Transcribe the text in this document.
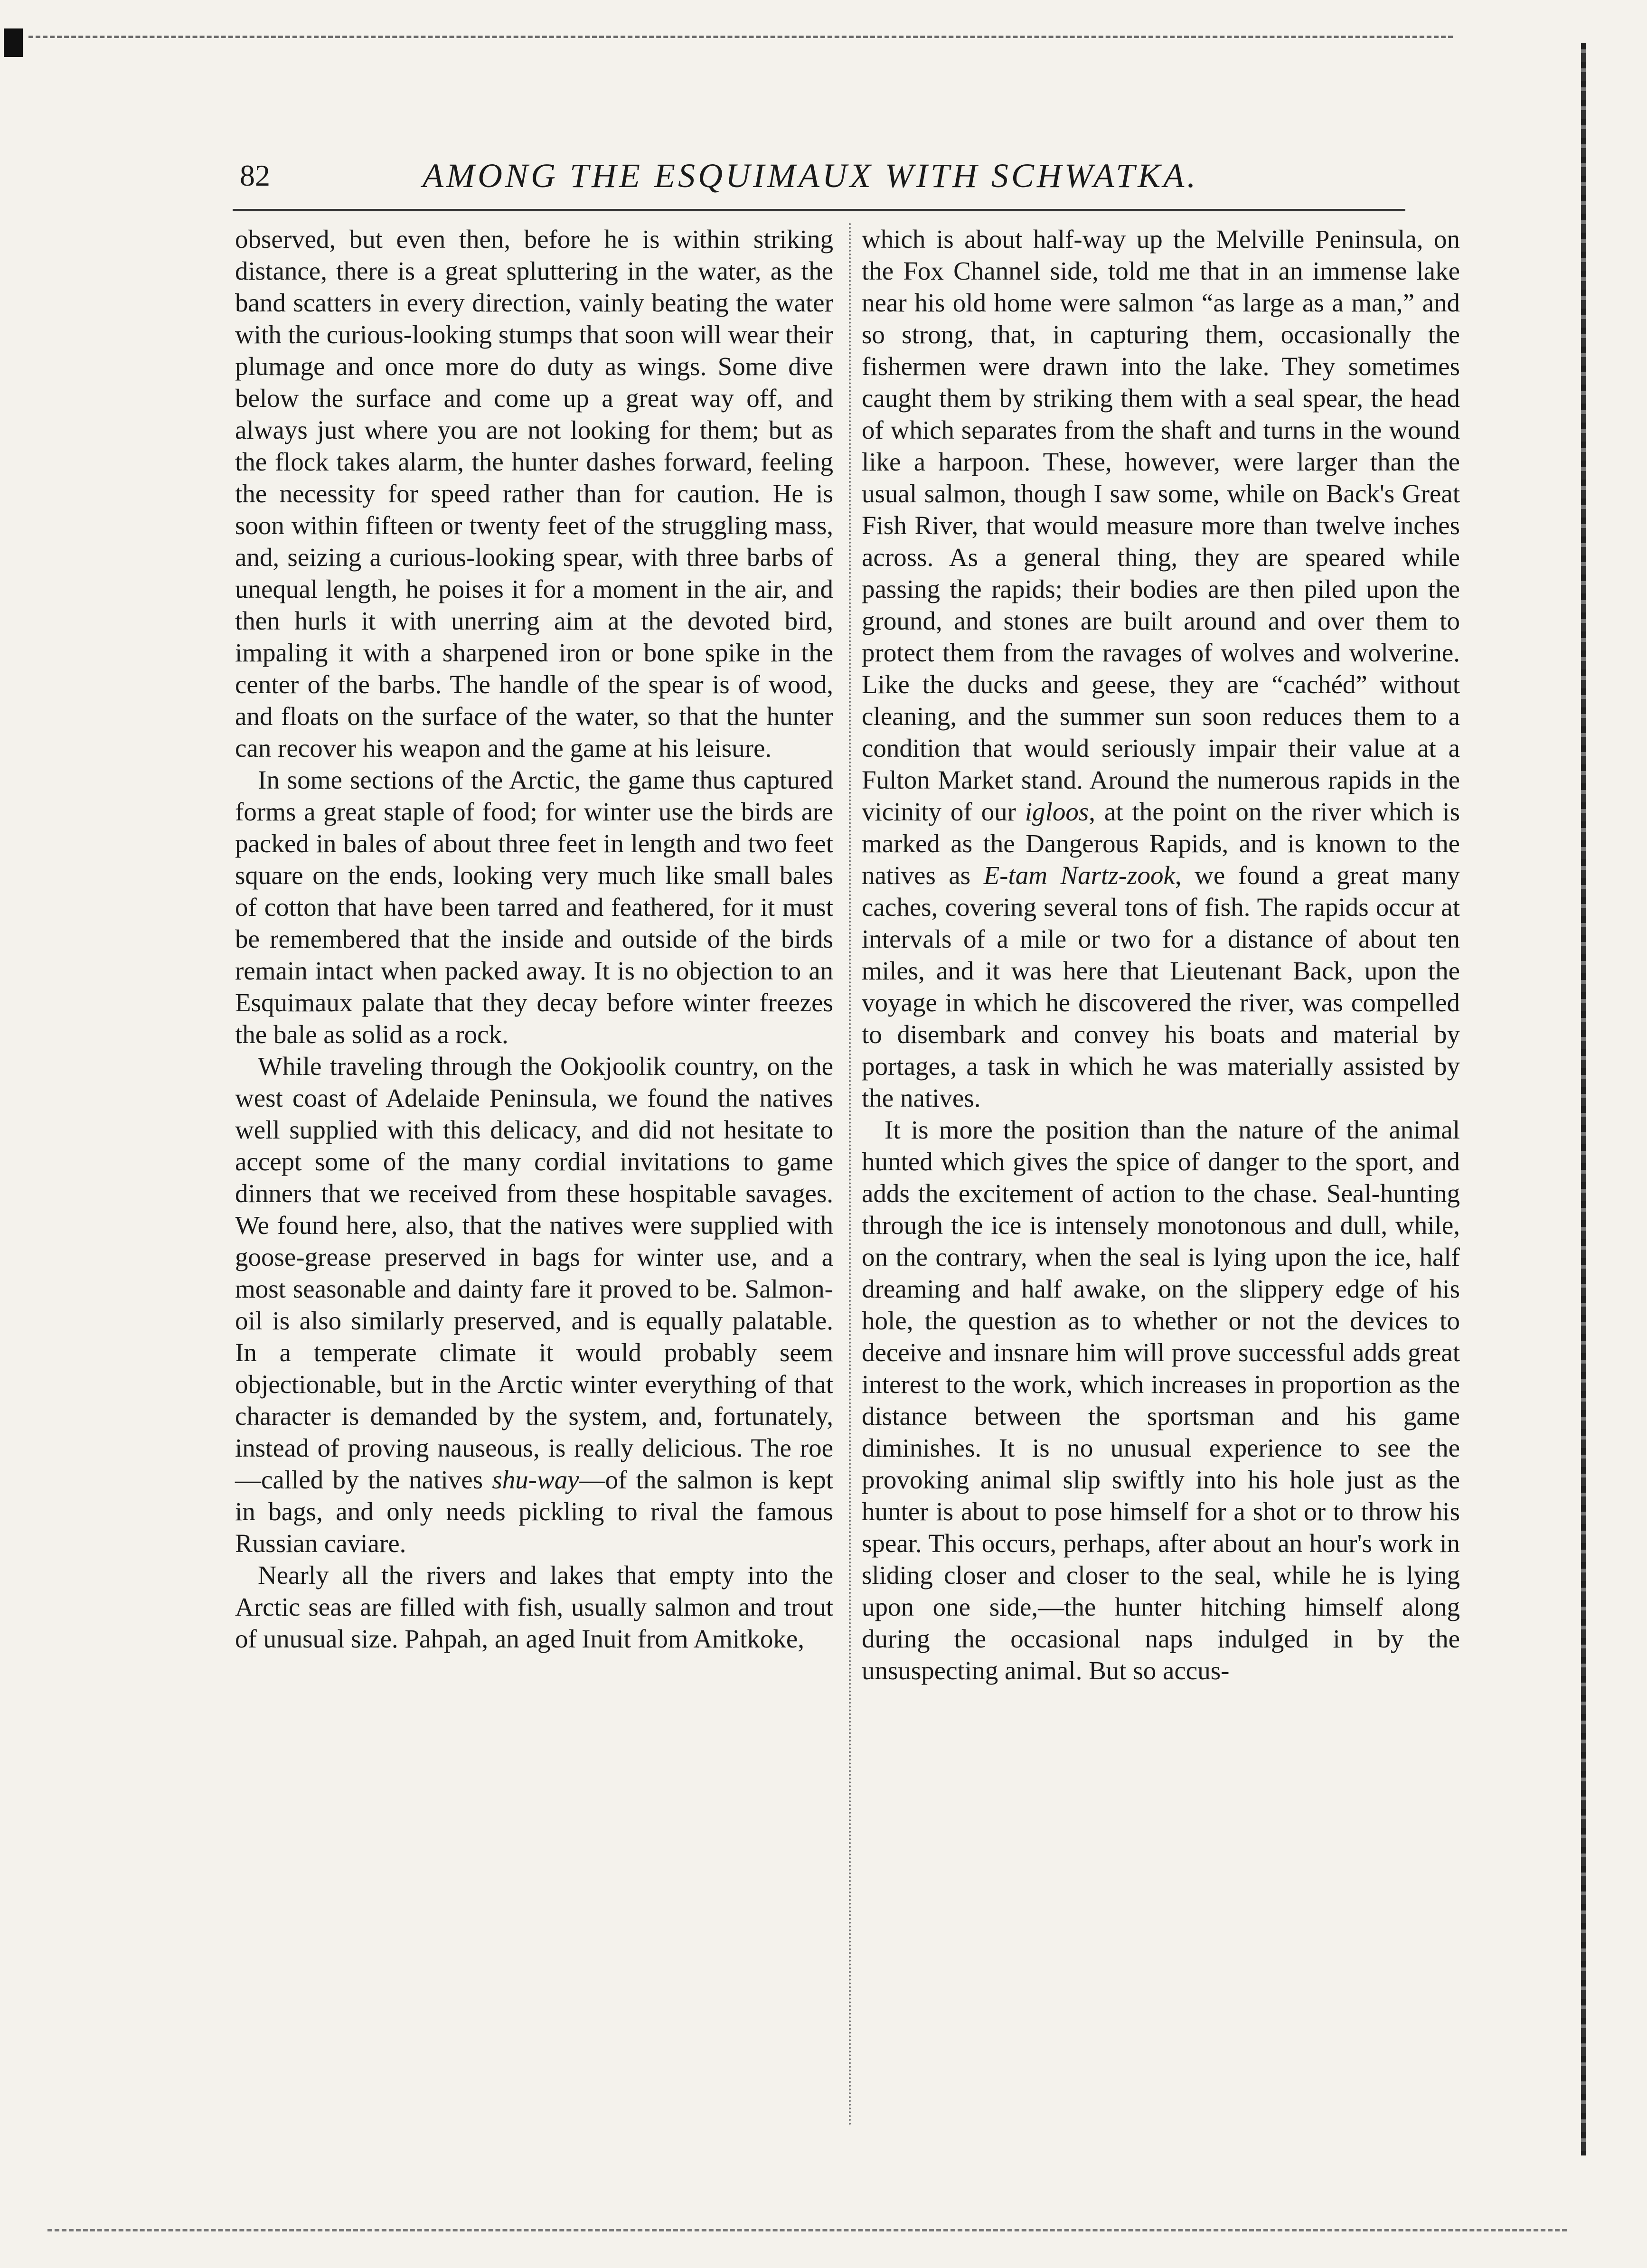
82	AMONG THE ESQUIMAUX WITH SCHWATKA.

observed, but even then, before he is within striking distance, there is a great spluttering in the water, as the band scatters in every direction, vainly beating the water with the curious-looking stumps that soon will wear their plumage and once more do duty as wings. Some dive below the surface and come up a great way off, and always just where you are not looking for them; but as the flock takes alarm, the hunter dashes forward, feeling the necessity for speed rather than for caution. He is soon within fifteen or twenty feet of the struggling mass, and, seizing a curious-looking spear, with three barbs of unequal length, he poises it for a moment in the air, and then hurls it with unerring aim at the devoted bird, impaling it with a sharpened iron or bone spike in the center of the barbs. The handle of the spear is of wood, and floats on the surface of the water, so that the hunter can recover his weapon and the game at his leisure.

In some sections of the Arctic, the game thus captured forms a great staple of food; for winter use the birds are packed in bales of about three feet in length and two feet square on the ends, looking very much like small bales of cotton that have been tarred and feathered, for it must be remembered that the inside and outside of the birds remain intact when packed away. It is no objection to an Esquimaux palate that they decay before winter freezes the bale as solid as a rock.

While traveling through the Ookjoolik country, on the west coast of Adelaide Peninsula, we found the natives well supplied with this delicacy, and did not hesitate to accept some of the many cordial invitations to game dinners that we received from these hospitable savages. We found here, also, that the natives were supplied with goose-grease preserved in bags for winter use, and a most seasonable and dainty fare it proved to be. Salmon-oil is also similarly preserved, and is equally palatable. In a temperate climate it would probably seem objectionable, but in the Arctic winter everything of that character is demanded by the system, and, fortunately, instead of proving nauseous, is really delicious. The roe—called by the natives shu-way—of the salmon is kept in bags, and only needs pickling to rival the famous Russian caviare.

Nearly all the rivers and lakes that empty into the Arctic seas are filled with fish, usually salmon and trout of unusual size. Pahpah, an aged Inuit from Amitkoke,

which is about half-way up the Melville Peninsula, on the Fox Channel side, told me that in an immense lake near his old home were salmon “as large as a man,” and so strong, that, in capturing them, occasionally the fishermen were drawn into the lake. They sometimes caught them by striking them with a seal spear, the head of which separates from the shaft and turns in the wound like a harpoon. These, however, were larger than the usual salmon, though I saw some, while on Back's Great Fish River, that would measure more than twelve inches across. As a general thing, they are speared while passing the rapids; their bodies are then piled upon the ground, and stones are built around and over them to protect them from the ravages of wolves and wolverine. Like the ducks and geese, they are “cachéd” without cleaning, and the summer sun soon reduces them to a condition that would seriously impair their value at a Fulton Market stand. Around the numerous rapids in the vicinity of our igloos, at the point on the river which is marked as the Dangerous Rapids, and is known to the natives as E-tam Nartz-zook, we found a great many caches, covering several tons of fish. The rapids occur at intervals of a mile or two for a distance of about ten miles, and it was here that Lieutenant Back, upon the voyage in which he discovered the river, was compelled to disembark and convey his boats and material by portages, a task in which he was materially assisted by the natives.

It is more the position than the nature of the animal hunted which gives the spice of danger to the sport, and adds the excitement of action to the chase. Seal-hunting through the ice is intensely monotonous and dull, while, on the contrary, when the seal is lying upon the ice, half dreaming and half awake, on the slippery edge of his hole, the question as to whether or not the devices to deceive and insnare him will prove successful adds great interest to the work, which increases in proportion as the distance between the sportsman and his game diminishes. It is no unusual experience to see the provoking animal slip swiftly into his hole just as the hunter is about to pose himself for a shot or to throw his spear. This occurs, perhaps, after about an hour's work in sliding closer and closer to the seal, while he is lying upon one side,—the hunter hitching himself along during the occasional naps indulged in by the unsuspecting animal. But so accus-
